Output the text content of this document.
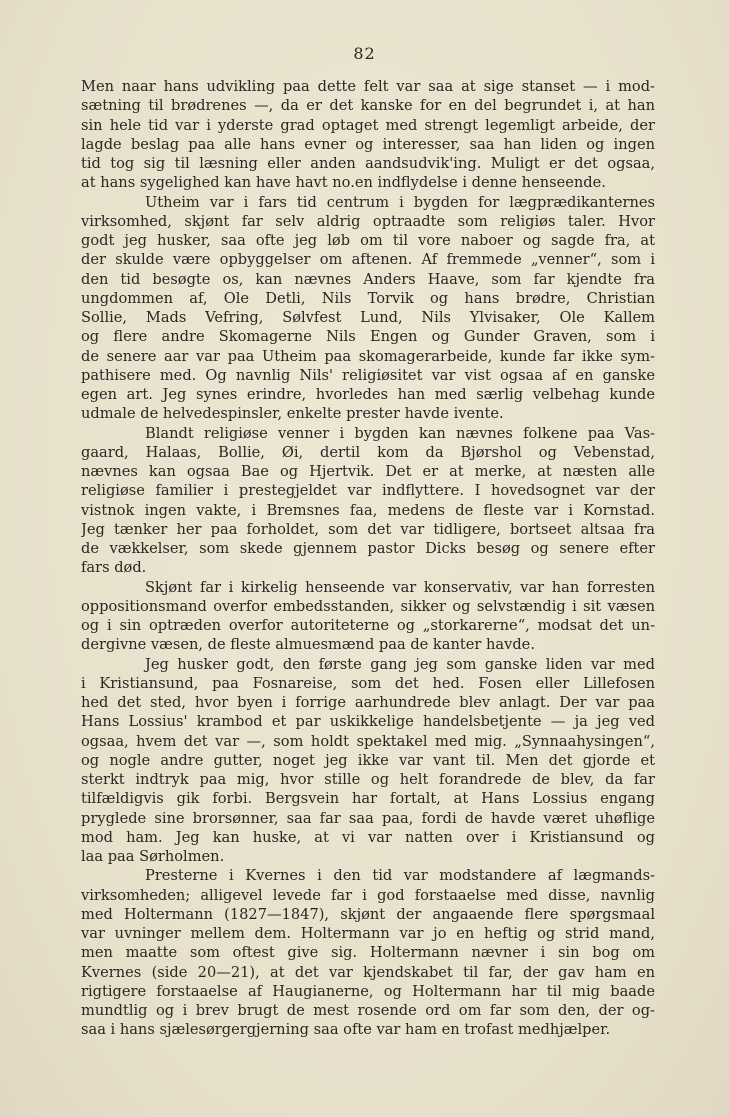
82
Men naar hans udvikling paa dette felt var saa at sige stanset — i mod-
sætning til brødrenes —, da er det kanske for en del begrundet i, at han
sin hele tid var i yderste grad optaget med strengt legemligt arbeide, der
lagde beslag paa alle hans evner og interesser, saa han liden og ingen
tid tog sig til læsning eller anden aandsudvik'ing. Muligt er det ogsaa,
at hans sygelighed kan have havt no.en indflydelse i denne henseende.
Utheim var i fars tid centrum i bygden for lægprædikanternes
virksomhed, skjønt far selv aldrig optraadte som religiøs taler. Hvor
godt jeg husker, saa ofte jeg løb om til vore naboer og sagde fra, at
der skulde være opbyggelser om aftenen. Af fremmede „venner“, som i
den tid besøgte os, kan nævnes Anders Haave, som far kjendte fra
ungdommen af, Ole Detli, Nils Torvik og hans brødre, Christian
Sollie, Mads Vefring, Sølvfest Lund, Nils Ylvisaker, Ole Kallem
og flere andre Skomagerne Nils Engen og Gunder Graven, som i
de senere aar var paa Utheim paa skomagerarbeide, kunde far ikke sym-
pathisere med. Og navnlig Nils' religiøsitet var vist ogsaa af en ganske
egen art. Jeg synes erindre, hvorledes han med særlig velbehag kunde
udmale de helvedespinsler, enkelte prester havde ivente.
Blandt religiøse venner i bygden kan nævnes folkene paa Vas-
gaard, Halaas, Bollie, Øi, dertil kom da Bjørshol og Vebenstad,
nævnes kan ogsaa Bae og Hjertvik. Det er at merke, at næsten alle
religiøse familier i prestegjeldet var indflyttere. I hovedsognet var der
vistnok ingen vakte, i Bremsnes faa, medens de fleste var i Kornstad.
Jeg tænker her paa forholdet, som det var tidligere, bortseet altsaa fra
de vækkelser, som skede gjennem pastor Dicks besøg og senere efter
fars død.
Skjønt far i kirkelig henseende var konservativ, var han forresten
oppositionsmand overfor embedsstanden, sikker og selvstændig i sit væsen
og i sin optræden overfor autoriteterne og „storkarerne“, modsat det un-
dergivne væsen, de fleste almuesmænd paa de kanter havde.
Jeg husker godt, den første gang jeg som ganske liden var med
i Kristiansund, paa Fosnareise, som det hed. Fosen eller Lillefosen
hed det sted, hvor byen i forrige aarhundrede blev anlagt. Der var paa
Hans Lossius' krambod et par uskikkelige handelsbetjente — ja jeg ved
ogsaa, hvem det var —, som holdt spektakel med mig. „Synnaahysingen“,
og nogle andre gutter, noget jeg ikke var vant til. Men det gjorde et
sterkt indtryk paa mig, hvor stille og helt forandrede de blev, da far
tilfældigvis gik forbi. Bergsvein har fortalt, at Hans Lossius engang
pryglede sine brorsønner, saa far saa paa, fordi de havde været uhøflige
mod ham. Jeg kan huske, at vi var natten over i Kristiansund og
laa paa Sørholmen.
Presterne i Kvernes i den tid var modstandere af lægmands-
virksomheden; alligevel levede far i god forstaaelse med disse, navnlig
med Holtermann (1827—1847), skjønt der angaaende flere spørgsmaal
var uvninger mellem dem. Holtermann var jo en heftig og strid mand,
men maatte som oftest give sig. Holtermann nævner i sin bog om
Kvernes (side 20—21), at det var kjendskabet til far, der gav ham en
rigtigere forstaaelse af Haugianerne, og Holtermann har til mig baade
mundtlig og i brev brugt de mest rosende ord om far som den, der og-
saa i hans sjælesørgergjerning saa ofte var ham en trofast medhjælper.
